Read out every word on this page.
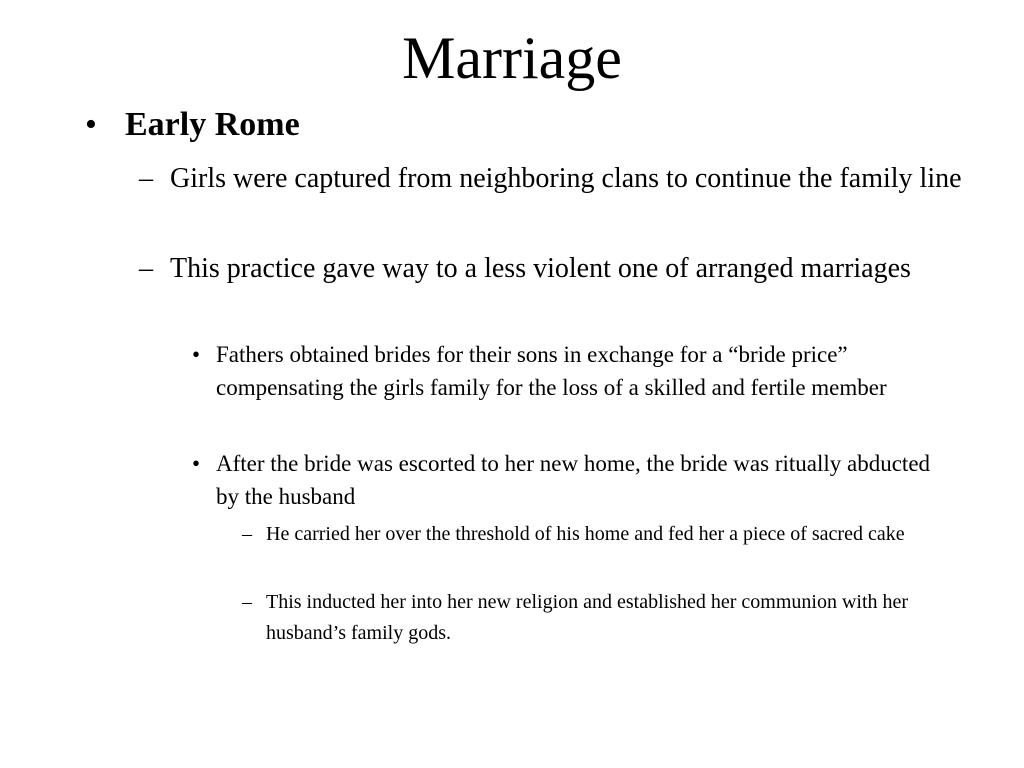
Marriage
• Early Rome
– Girls were captured from neighboring clans to continue the family line
– This practice gave way to a less violent one of arranged marriages
• Fathers obtained brides for their sons in exchange for a “bride price” compensating the girls family for the loss of a skilled and fertile member
• After the bride was escorted to her new home, the bride was ritually abducted by the husband
– He carried her over the threshold of his home and fed her a piece of sacred cake
– This inducted her into her new religion and established her communion with her husband’s family gods.
